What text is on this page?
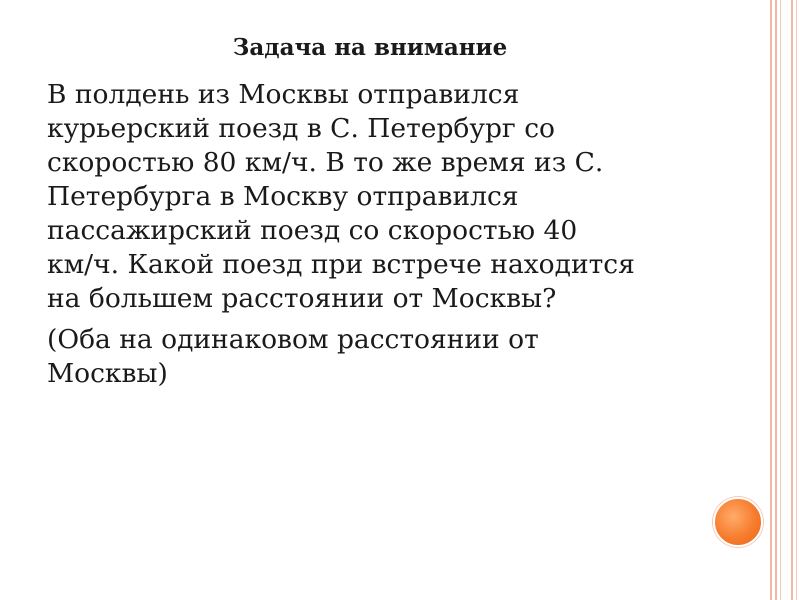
Задача на внимание

В полдень из Москвы отправился
курьерский поезд в С. Петербург со
скоростью 80 км/ч. В то же время из С.
Петербурга в Москву отправился
пассажирский поезд со скоростью 40
км/ч. Какой поезд при встрече находится
на большем расстоянии от Москвы?

(Оба на одинаковом расстоянии от
Москвы)
